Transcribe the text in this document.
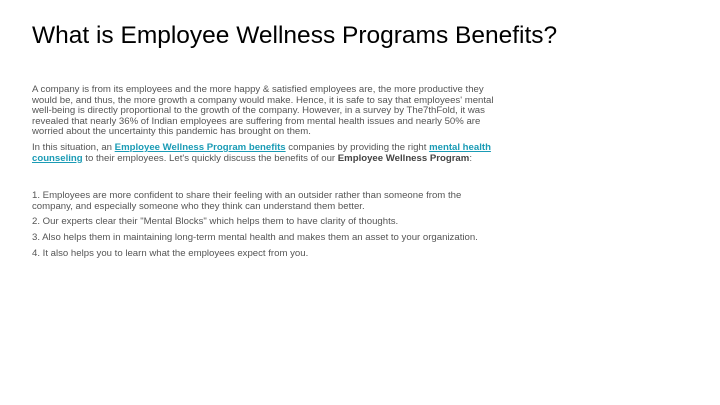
What is Employee Wellness Programs Benefits?

A company is from its employees and the more happy & satisfied employees are, the more productive they would be, and thus, the more growth a company would make. Hence, it is safe to say that employees' mental well-being is directly proportional to the growth of the company. However, in a survey by The7thFold, it was revealed that nearly 36% of Indian employees are suffering from mental health issues and nearly 50% are worried about the uncertainty this pandemic has brought on them.

In this situation, an Employee Wellness Program benefits companies by providing the right mental health counseling to their employees. Let's quickly discuss the benefits of our Employee Wellness Program:

1. Employees are more confident to share their feeling with an outsider rather than someone from the company, and especially someone who they think can understand them better.

2. Our experts clear their "Mental Blocks" which helps them to have clarity of thoughts.

3. Also helps them in maintaining long-term mental health and makes them an asset to your organization.

4. It also helps you to learn what the employees expect from you.
